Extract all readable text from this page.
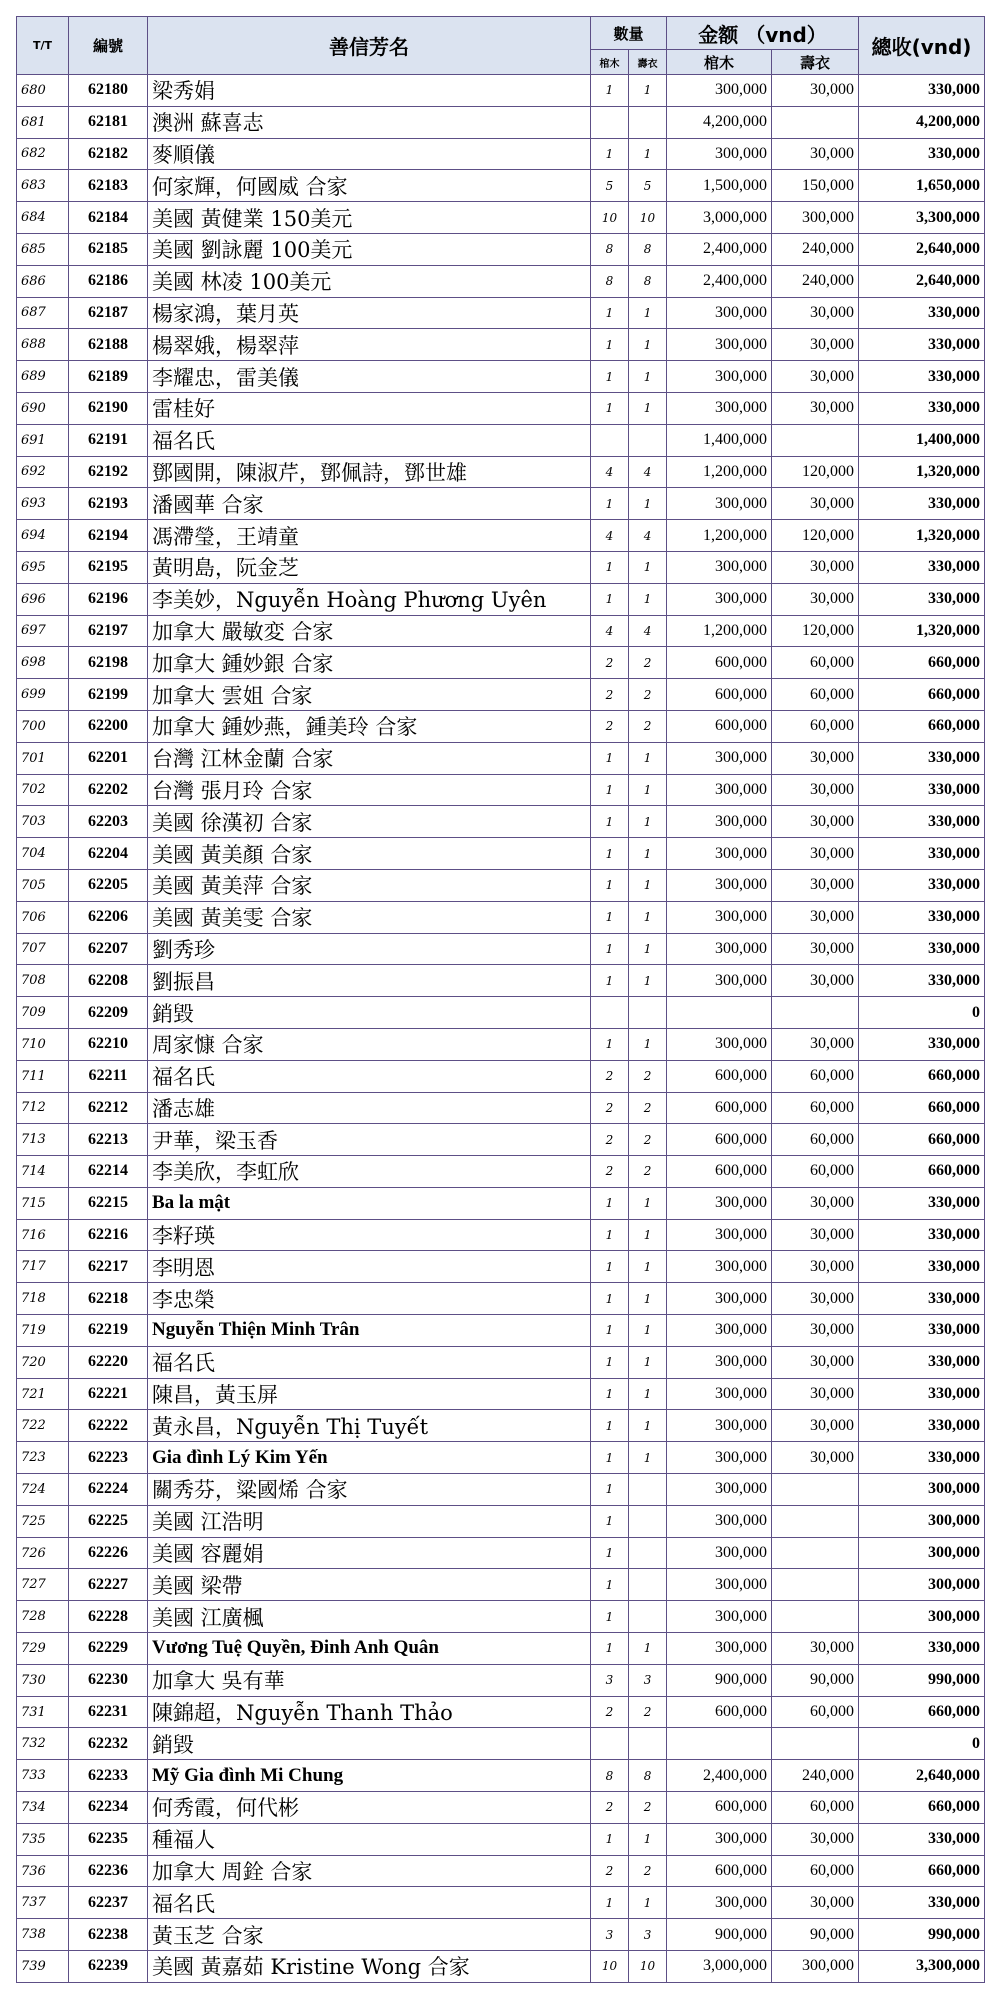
T/T	編號	善信芳名	數量		金额 （vnd）		總收(vnd)
			棺木	壽衣	棺木	壽衣	
680	62180	梁秀娟	1	1	300,000	30,000	330,000
681	62181	澳洲 蘇喜志			4,200,000		4,200,000
682	62182	麥順儀	1	1	300,000	30,000	330,000
683	62183	何家輝，何國威 合家	5	5	1,500,000	150,000	1,650,000
684	62184	美國 黃健業 150美元	10	10	3,000,000	300,000	3,300,000
685	62185	美國 劉詠麗 100美元	8	8	2,400,000	240,000	2,640,000
686	62186	美國 林凌 100美元	8	8	2,400,000	240,000	2,640,000
687	62187	楊家鴻，葉月英	1	1	300,000	30,000	330,000
688	62188	楊翠娥，楊翠萍	1	1	300,000	30,000	330,000
689	62189	李耀忠，雷美儀	1	1	300,000	30,000	330,000
690	62190	雷桂好	1	1	300,000	30,000	330,000
691	62191	福名氏			1,400,000		1,400,000
692	62192	鄧國開，陳淑芹，鄧佩詩，鄧世雄	4	4	1,200,000	120,000	1,320,000
693	62193	潘國華 合家	1	1	300,000	30,000	330,000
694	62194	馮滯瑩，王靖童	4	4	1,200,000	120,000	1,320,000
695	62195	黃明島，阮金芝	1	1	300,000	30,000	330,000
696	62196	李美妙，Nguyễn Hoàng Phương Uyên	1	1	300,000	30,000	330,000
697	62197	加拿大 嚴敏変 合家	4	4	1,200,000	120,000	1,320,000
698	62198	加拿大 鍾妙銀 合家	2	2	600,000	60,000	660,000
699	62199	加拿大 雲姐 合家	2	2	600,000	60,000	660,000
700	62200	加拿大 鍾妙燕，鍾美玲 合家	2	2	600,000	60,000	660,000
701	62201	台灣 江林金蘭 合家	1	1	300,000	30,000	330,000
702	62202	台灣 張月玲 合家	1	1	300,000	30,000	330,000
703	62203	美國 徐漢初 合家	1	1	300,000	30,000	330,000
704	62204	美國 黃美顏 合家	1	1	300,000	30,000	330,000
705	62205	美國 黃美萍 合家	1	1	300,000	30,000	330,000
706	62206	美國 黃美雯 合家	1	1	300,000	30,000	330,000
707	62207	劉秀珍	1	1	300,000	30,000	330,000
708	62208	劉振昌	1	1	300,000	30,000	330,000
709	62209	銷毀					0
710	62210	周家慷 合家	1	1	300,000	30,000	330,000
711	62211	福名氏	2	2	600,000	60,000	660,000
712	62212	潘志雄	2	2	600,000	60,000	660,000
713	62213	尹華，梁玉香	2	2	600,000	60,000	660,000
714	62214	李美欣，李虹欣	2	2	600,000	60,000	660,000
715	62215	Ba la mật	1	1	300,000	30,000	330,000
716	62216	李籽瑛	1	1	300,000	30,000	330,000
717	62217	李明恩	1	1	300,000	30,000	330,000
718	62218	李忠榮	1	1	300,000	30,000	330,000
719	62219	Nguyễn Thiện Minh Trân	1	1	300,000	30,000	330,000
720	62220	福名氏	1	1	300,000	30,000	330,000
721	62221	陳昌，黃玉屏	1	1	300,000	30,000	330,000
722	62222	黃永昌，Nguyễn Thị Tuyết	1	1	300,000	30,000	330,000
723	62223	Gia đình Lý Kim Yến	1	1	300,000	30,000	330,000
724	62224	關秀芬，粱國烯 合家	1		300,000		300,000
725	62225	美國 江浩明	1		300,000		300,000
726	62226	美國 容麗娟	1		300,000		300,000
727	62227	美國 梁帶	1		300,000		300,000
728	62228	美國 江廣楓	1		300,000		300,000
729	62229	Vương Tuệ Quyền, Đinh Anh Quân	1	1	300,000	30,000	330,000
730	62230	加拿大 吳有華	3	3	900,000	90,000	990,000
731	62231	陳錦超，Nguyễn Thanh Thảo	2	2	600,000	60,000	660,000
732	62232	銷毀					0
733	62233	Mỹ Gia đình Mi Chung	8	8	2,400,000	240,000	2,640,000
734	62234	何秀霞，何代彬	2	2	600,000	60,000	660,000
735	62235	種福人	1	1	300,000	30,000	330,000
736	62236	加拿大 周銓 合家	2	2	600,000	60,000	660,000
737	62237	福名氏	1	1	300,000	30,000	330,000
738	62238	黃玉芝 合家	3	3	900,000	90,000	990,000
739	62239	美國 黃嘉茹 Kristine Wong 合家	10	10	3,000,000	300,000	3,300,000
